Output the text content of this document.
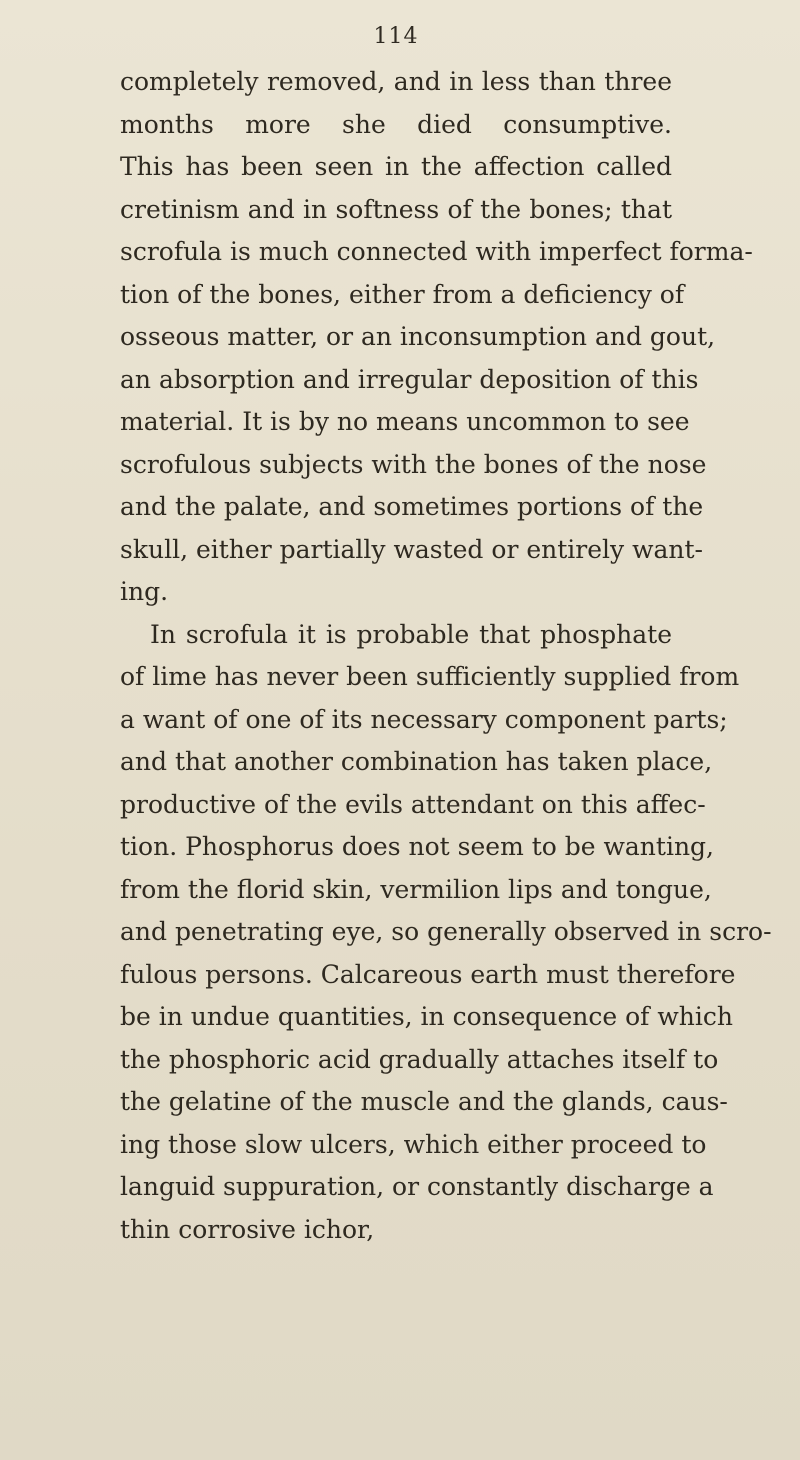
114

completely removed, and in less than three
months more she died consumptive.
This has been seen in the affection called
cretinism and in softness of the bones; that
scrofula is much connected with imperfect forma-
tion of the bones, either from a deficiency of
osseous matter, or an inconsumption and gout,
an absorption and irregular deposition of this
material. It is by no means uncommon to see
scrofulous subjects with the bones of the nose
and the palate, and sometimes portions of the
skull, either partially wasted or entirely want-
ing.

In scrofula it is probable that phosphate
of lime has never been sufficiently supplied from
a want of one of its necessary component parts;
and that another combination has taken place,
productive of the evils attendant on this affec-
tion. Phosphorus does not seem to be wanting,
from the florid skin, vermilion lips and tongue,
and penetrating eye, so generally observed in scro-
fulous persons. Calcareous earth must therefore
be in undue quantities, in consequence of which
the phosphoric acid gradually attaches itself to
the gelatine of the muscle and the glands, caus-
ing those slow ulcers, which either proceed to
languid suppuration, or constantly discharge a
thin corrosive ichor,
